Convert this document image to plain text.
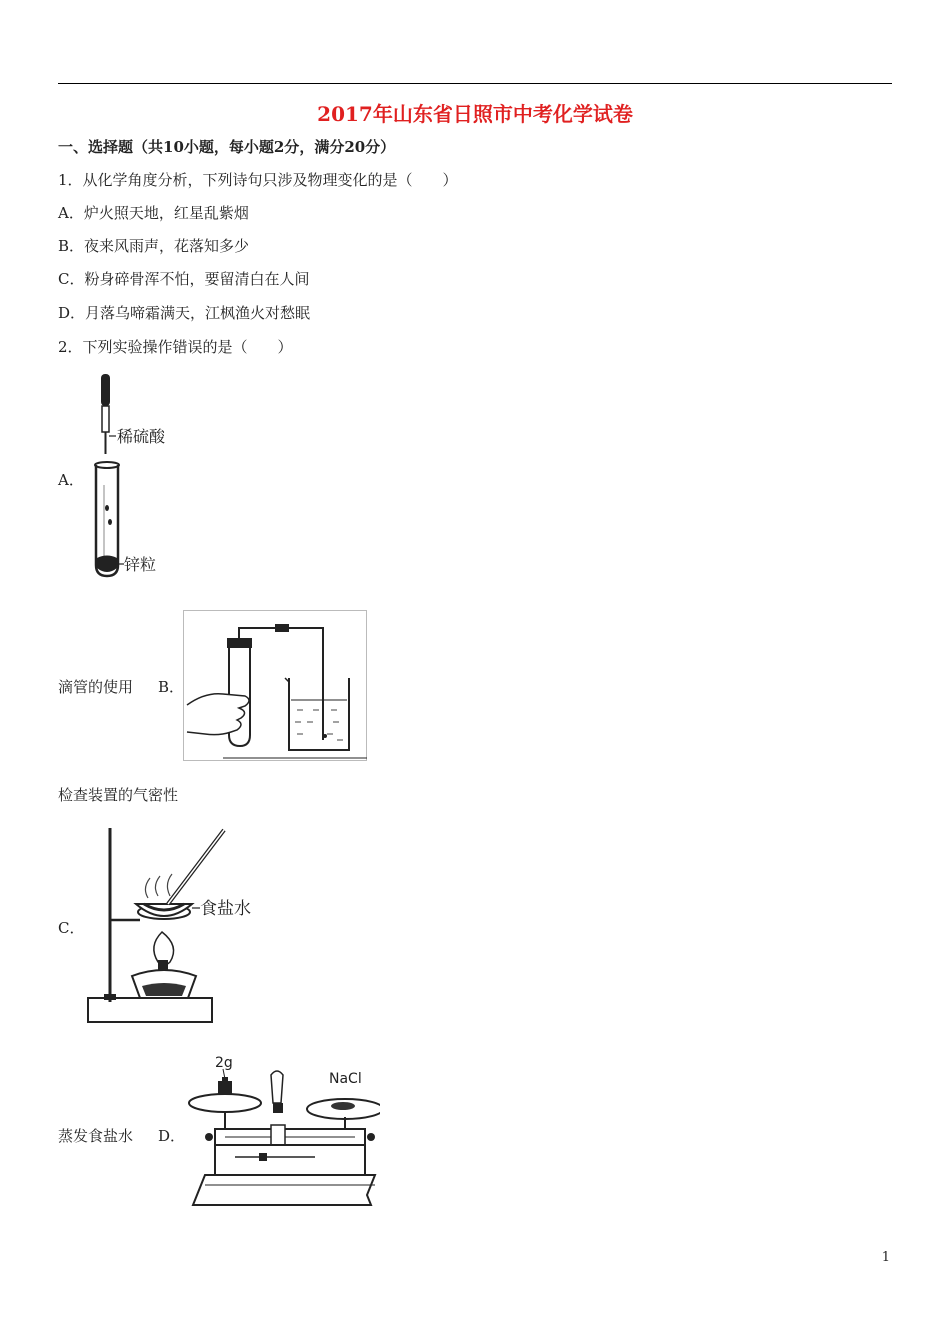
2017年山东省日照市中考化学试卷
一、选择题（共10小题，每小题2分，满分20分）
1．从化学角度分析，下列诗句只涉及物理变化的是（　　）
A．炉火照天地，红星乱紫烟
B．夜来风雨声，花落知多少
C．粉身碎骨浑不怕，要留清白在人间
D．月落乌啼霜满天，江枫渔火对愁眠
2．下列实验操作错误的是（　　）
A．
稀硫酸
锌粒
滴管的使用 B．
检查装置的气密性
C．
食盐水
蒸发食盐水 D．
2g
NaCl
1
